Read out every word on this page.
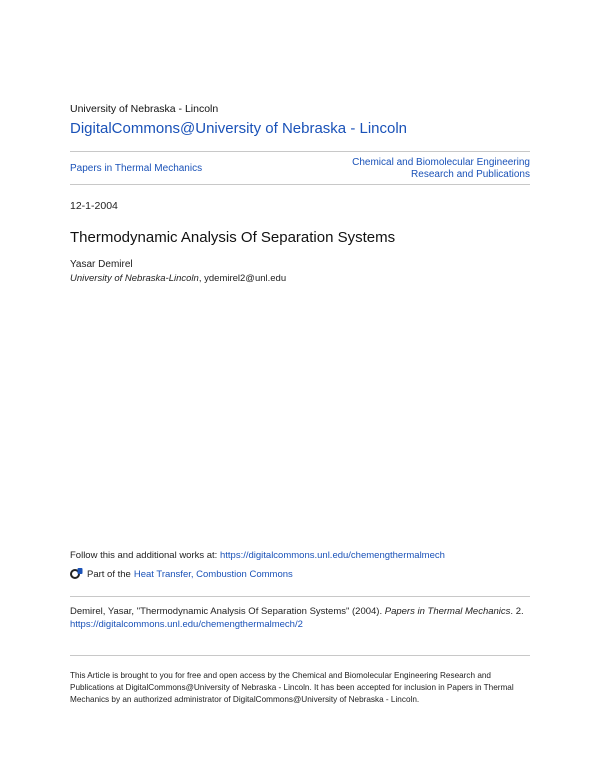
University of Nebraska - Lincoln
DigitalCommons@University of Nebraska - Lincoln
Papers in Thermal Mechanics
Chemical and Biomolecular Engineering
Research and Publications
12-1-2004
Thermodynamic Analysis Of Separation Systems
Yasar Demirel
University of Nebraska-Lincoln, ydemirel2@unl.edu
Follow this and additional works at: https://digitalcommons.unl.edu/chemengthermalmech
Part of the Heat Transfer, Combustion Commons
Demirel, Yasar, "Thermodynamic Analysis Of Separation Systems" (2004). Papers in Thermal Mechanics. 2.
https://digitalcommons.unl.edu/chemengthermalmech/2
This Article is brought to you for free and open access by the Chemical and Biomolecular Engineering Research and Publications at DigitalCommons@University of Nebraska - Lincoln. It has been accepted for inclusion in Papers in Thermal Mechanics by an authorized administrator of DigitalCommons@University of Nebraska - Lincoln.
